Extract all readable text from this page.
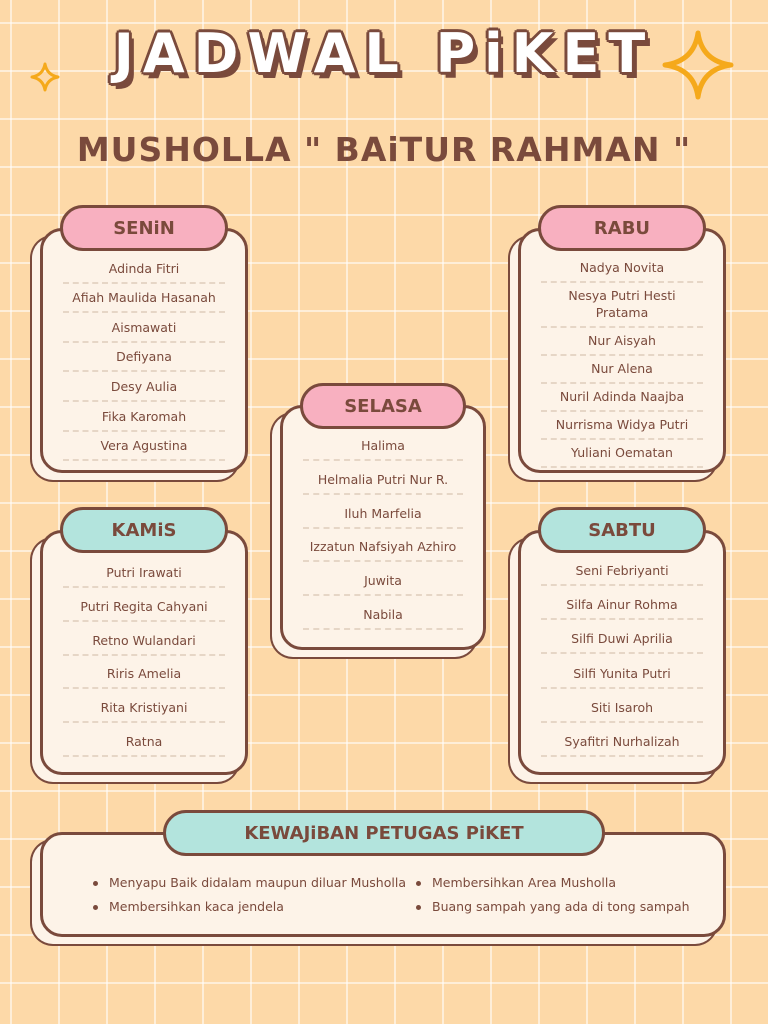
JADWAL PiKET
MUSHOLLA " BAiTUR RAHMAN "
Adinda Fitri
Afiah Maulida Hasanah
Aismawati
Defiyana
Desy Aulia
Fika Karomah
Vera Agustina
SENiN
Nadya Novita
Nesya Putri Hesti Pratama
Nur Aisyah
Nur Alena
Nuril Adinda Naajba
Nurrisma Widya Putri
Yuliani Oematan
RABU
Halima
Helmalia Putri Nur R.
Iluh Marfelia
Izzatun Nafsiyah Azhiro
Juwita
Nabila
SELASA
Putri Irawati
Putri Regita Cahyani
Retno Wulandari
Riris Amelia
Rita Kristiyani
Ratna
KAMiS
Seni Febriyanti
Silfa Ainur Rohma
Silfi Duwi Aprilia
Silfi Yunita Putri
Siti Isaroh
Syafitri Nurhalizah
SABTU
Menyapu Baik didalam maupun diluar Musholla	Membersihkan Area Musholla
Membersihkan kaca jendela	Buang sampah yang ada di tong sampah
KEWAJiBAN PETUGAS PiKET
